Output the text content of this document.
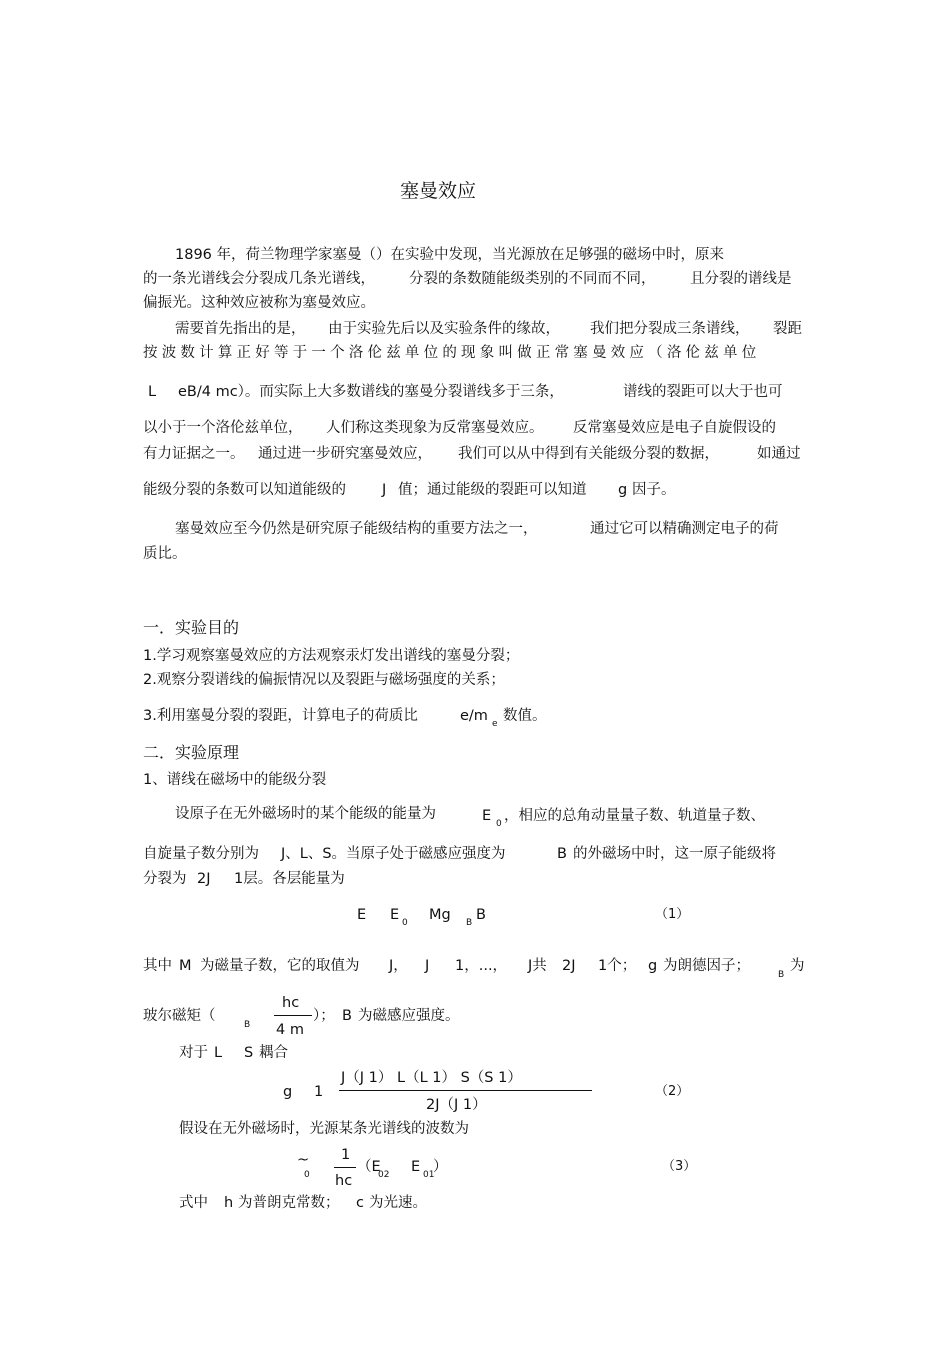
塞曼效应
1896 年，荷兰物理学家塞曼（）在实验中发现，当光源放在足够强的磁场中时，原来
的一条光谱线会分裂成几条光谱线， 分裂的条数随能级类别的不同而不同， 且分裂的谱线是
偏振光。这种效应被称为塞曼效应。
需要首先指出的是， 由于实验先后以及实验条件的缘故， 我们把分裂成三条谱线， 裂距
按 波 数 计 算 正 好 等 于 一 个 洛 伦 兹 单 位 的 现 象 叫 做 正 常 塞 曼 效 应 （ 洛 伦 兹 单 位
L eB/4 mc）。而实际上大多数谱线的塞曼分裂谱线多于三条，	谱线的裂距可以大于也可
以小于一个洛伦兹单位， 人们称这类现象为反常塞曼效应。 反常塞曼效应是电子自旋假设的
有力证据之一。 通过进一步研究塞曼效应， 我们可以从中得到有关能级分裂的数据，	如通过
能级分裂的条数可以知道能级的 J 值；通过能级的裂距可以知道 g 因子。
塞曼效应至今仍然是研究原子能级结构的重要方法之一，	通过它可以精确测定电子的荷
质比。
一．实验目的
1.学习观察塞曼效应的方法观察汞灯发出谱线的塞曼分裂；
2.观察分裂谱线的偏振情况以及裂距与磁场强度的关系；
3.利用塞曼分裂的裂距，计算电子的荷质比	e/m e 数值。
二．实验原理
1、谱线在磁场中的能级分裂
设原子在无外磁场时的某个能级的能量为	E 0 ，相应的总角动量量子数、轨道量子数、
自旋量子数分别为 J、L、S。当原子处于磁感应强度为	B 的外磁场中时，这一原子能级将
分裂为 2J 1层。各层能量为
E E 0 Mg B B	（1）
其中 M 为磁量子数，它的取值为 J， J 1，...， J共 2J 1个； g 为朗德因子；
B
为
玻尔磁矩（
B
hc
4 m
）； B 为磁感应强度。
对于 L S 耦合
g 1
J（J 1） L（L 1） S（S 1）
2J（J 1）
（2）
假设在无外磁场时，光源某条光谱线的波数为
~
0
1
hc
（E
02 E 01
）	（3）
式中 h 为普朗克常数； c 为光速。
